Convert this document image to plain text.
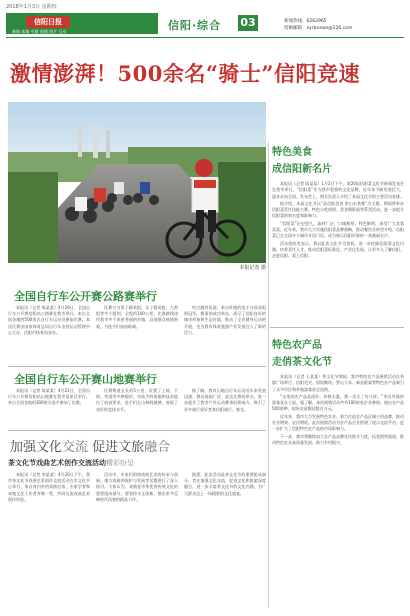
2018年1月3日 星期四
信阳日报
新闻 本地 专题 视频 图片 互动	信阳·综合 03	新闻热线：6262965
投稿邮箱：xyrbnews@126.com
激情澎湃！500余名“骑士”信阳竞速
本报记者 摄
特色美食
成信阳新名片

本报讯（记者 陈某某）1月2日下午，第20届信阳菜文化节新闻发布会在我市举行。“信阳菜”作为我市重要的文化品牌，近年来不断发展壮大，逐步走向全国。发布会上，相关负责人介绍了本届文化节的主要活动安排。

据介绍，本届文化节以“品信阳美食 赏山水茶都”为主题，期间将举办信阳菜烹饪技能大赛、特色小吃展销、美食摄影展等系列活动，进一步提升信阳菜的知名度和影响力。

“信阳菜”历史悠久，取材广泛，口味醇厚，特色鲜明，深受广大食客喜爱。近年来，我市大力实施信阳菜品牌战略，推动餐饮业转型升级，信阳菜已在全国多个城市开设门店，成为展示信阳形象的一张靓丽名片。

活动组织者表示，将以此次文化节为契机，进一步挖掘信阳菜文化内涵，培养烹饪人才，推动信阳菜标准化、产业化发展，让更多人了解信阳、走进信阳、爱上信阳。

特色农产品
走俏茶文化节

本报讯（记者 王某某）茶文化节期间，我市特色农产品展销活动在茶都广场举行。信阳毛尖、固始鹅块、罗山大米、新县板栗等特色农产品吸引了众多市民和外地游客驻足选购。

“这里的农产品品质好、价格实惠，我一次买了好几样。”来自外地的游客张女士说。据了解，本次展销活动共有100余家企业参展，展出农产品500余种，现场交易额达数百万元。

近年来，我市大力发展特色农业，着力打造农产品区域公用品牌，推动农业增效、农民增收。此次展销活动为农产品企业搭建了展示交流平台，进一步扩大了信阳特色农产品的市场影响力。

下一步，我市将继续加大农产品品牌宣传推介力度，拓宽销售渠道，推动特色农业高质量发展，助力乡村振兴。

全国自行车公开赛公路赛举行

本报讯（记者 陈某某）4月20日，全国自行车公开赛信阳站公路赛在我市举行。来自全国各地的500余名自行车运动员参加比赛。本次比赛由国家体育总局自行车击剑运动管理中心主办，信阳市体育局承办。

比赛分为男子精英组、女子精英组、大师组等多个组别，全程约100公里。比赛路线途经我市多个风景秀丽的乡镇，沿途群众热情围观，为选手们加油助威。

经过激烈角逐，来自外地的选手分获各组别冠军。赛事的成功举办，展示了信阳良好的城市形象和生态环境，推动了全民健身运动的开展，也为我市体育旅游产业发展注入了新的活力。

全国自行车公开赛山地赛举行

本报讯（记者 陈某某）4月21日，全国自行车公开赛信阳站山地赛在我市某景区举行。来自全国各地的300余名选手参加了比赛。

比赛赛道全长约5公里，设置了上坡、下坡、弯道等多种地形，对选手的体能和技术提出了较高要求。选手们在山林间驰骋，展现了良好的竞技水平。

据了解，我市山地自行车运动近年来发展迅速，群众基础广泛。此次比赛的举办，进一步提升了我市户外运动赛事的影响力，吸引了更多骑行爱好者来信阳骑行、观光。

加强文化交流 促进文旅融合
茶文化节戏曲艺术创作交流活动精彩纷呈

本报讯（记者 李某某）4月20日下午，我市茶文化节戏曲艺术创作交流活动在市文化中心举行。来自省内外的戏曲名家、专家学者和本地文艺工作者齐聚一堂，共同交流戏曲艺术创作经验。

活动中，专家们围绕戏曲艺术的传承与创新、地方戏曲的保护与发展等话题进行了深入探讨。大家认为，戏曲是中华优秀传统文化的重要组成部分，要坚持守正创新，推出更多反映时代风貌的精品力作。

据悉，此次活动是茶文化节的重要组成部分，旨在加强文化交流，促进文化和旅游深度融合，进一步丰富茶文化节的文化内涵，为广大群众送上一场精彩的文化盛宴。
